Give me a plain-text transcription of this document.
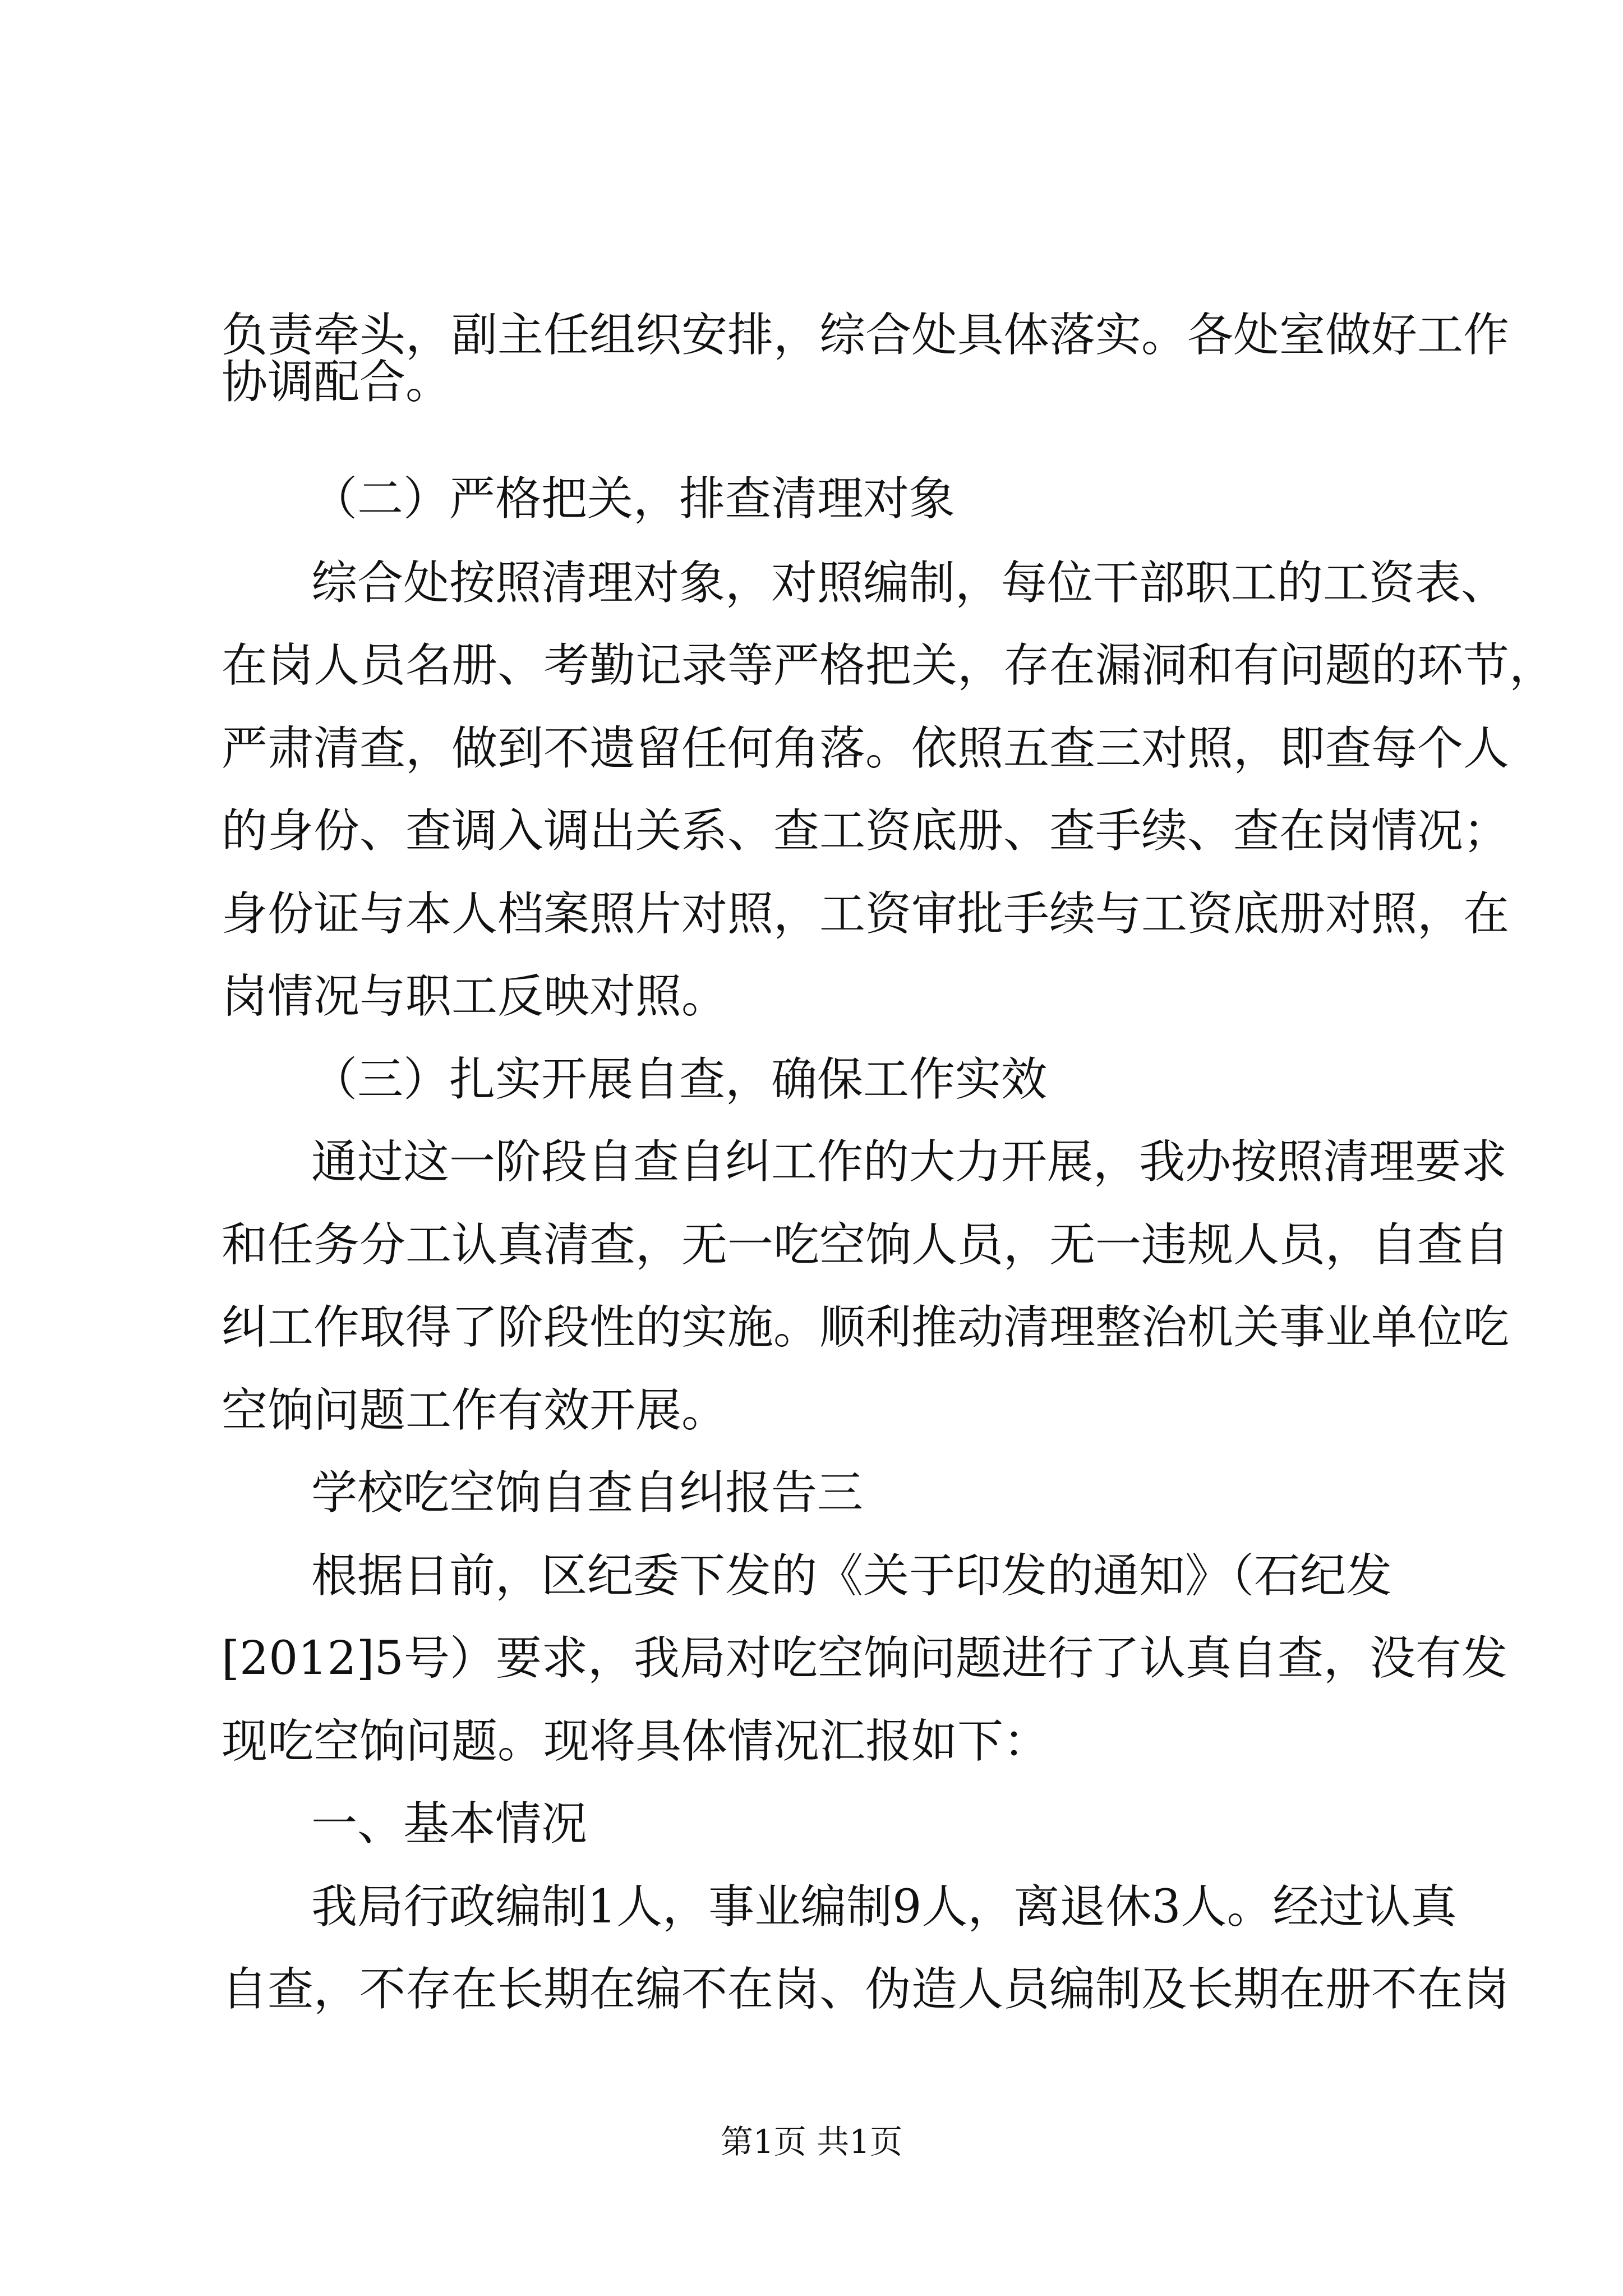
负责牵头，副主任组织安排，综合处具体落实。各处室做好工作
协调配合。
（二）严格把关，排查清理对象
综合处按照清理对象，对照编制，每位干部职工的工资表、
在岗人员名册、考勤记录等严格把关，存在漏洞和有问题的环节，
严肃清查，做到不遗留任何角落。依照五查三对照，即查每个人
的身份、查调入调出关系、查工资底册、查手续、查在岗情况；
身份证与本人档案照片对照，工资审批手续与工资底册对照，在
岗情况与职工反映对照。
（三）扎实开展自查，确保工作实效
通过这一阶段自查自纠工作的大力开展，我办按照清理要求
和任务分工认真清查，无一吃空饷人员，无一违规人员，自查自
纠工作取得了阶段性的实施。顺利推动清理整治机关事业单位吃
空饷问题工作有效开展。
学校吃空饷自查自纠报告三
根据日前，区纪委下发的《关于印发的通知》（石纪发
[2012]5号）要求，我局对吃空饷问题进行了认真自查，没有发
现吃空饷问题。现将具体情况汇报如下：
一、基本情况
我局行政编制1人，事业编制9人，离退休3人。经过认真
自查，不存在长期在编不在岗、伪造人员编制及长期在册不在岗
第1页 共1页
